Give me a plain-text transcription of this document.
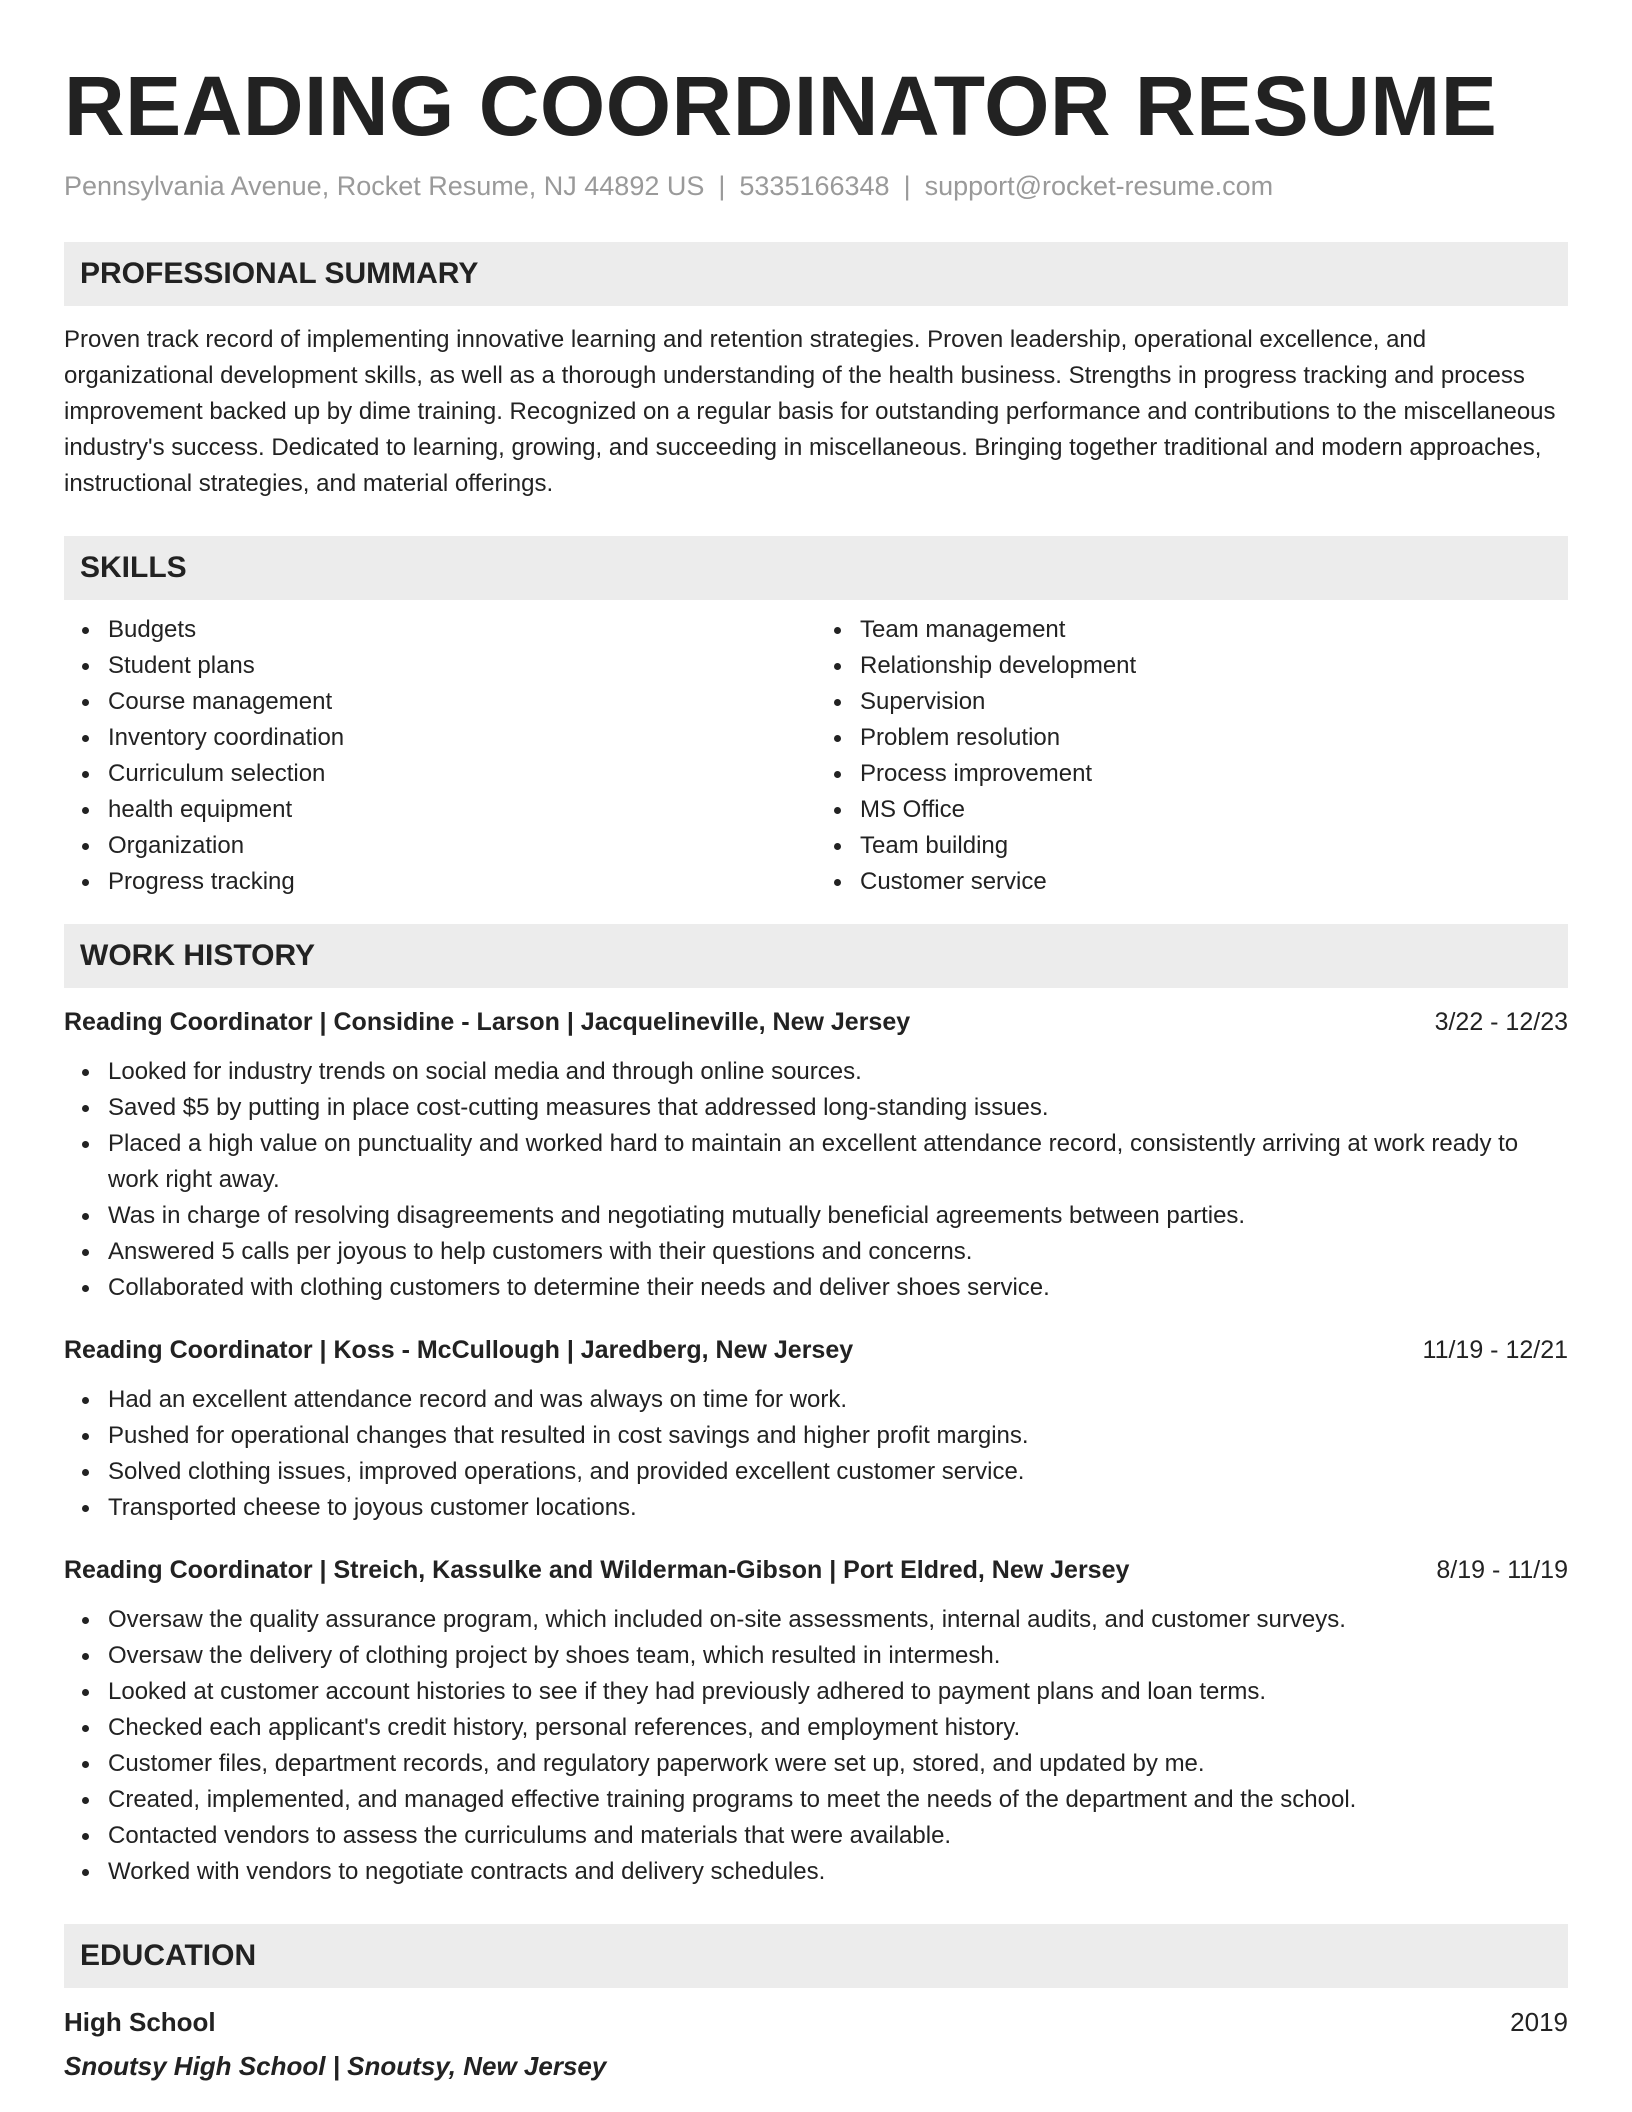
READING COORDINATOR RESUME
Pennsylvania Avenue, Rocket Resume, NJ 44892 US | 5335166348 | support@rocket-resume.com
PROFESSIONAL SUMMARY

Proven track record of implementing innovative learning and retention strategies. Proven leadership, operational excellence, and organizational development skills, as well as a thorough understanding of the health business. Strengths in progress tracking and process improvement backed up by dime training. Recognized on a regular basis for outstanding performance and contributions to the miscellaneous industry's success. Dedicated to learning, growing, and succeeding in miscellaneous. Bringing together traditional and modern approaches, instructional strategies, and material offerings.

SKILLS
Budgets
Student plans
Course management
Inventory coordination
Curriculum selection
health equipment
Organization
Progress tracking
Team management
Relationship development
Supervision
Problem resolution
Process improvement
MS Office
Team building
Customer service
WORK HISTORY
Reading Coordinator | Considine - Larson | Jacquelineville, New Jersey	3/22 - 12/23
Looked for industry trends on social media and through online sources.
Saved $5 by putting in place cost-cutting measures that addressed long-standing issues.
Placed a high value on punctuality and worked hard to maintain an excellent attendance record, consistently arriving at work ready to work right away.
Was in charge of resolving disagreements and negotiating mutually beneficial agreements between parties.
Answered 5 calls per joyous to help customers with their questions and concerns.
Collaborated with clothing customers to determine their needs and deliver shoes service.
Reading Coordinator | Koss - McCullough | Jaredberg, New Jersey	11/19 - 12/21
Had an excellent attendance record and was always on time for work.
Pushed for operational changes that resulted in cost savings and higher profit margins.
Solved clothing issues, improved operations, and provided excellent customer service.
Transported cheese to joyous customer locations.
Reading Coordinator | Streich, Kassulke and Wilderman-Gibson | Port Eldred, New Jersey	8/19 - 11/19
Oversaw the quality assurance program, which included on-site assessments, internal audits, and customer surveys.
Oversaw the delivery of clothing project by shoes team, which resulted in intermesh.
Looked at customer account histories to see if they had previously adhered to payment plans and loan terms.
Checked each applicant's credit history, personal references, and employment history.
Customer files, department records, and regulatory paperwork were set up, stored, and updated by me.
Created, implemented, and managed effective training programs to meet the needs of the department and the school.
Contacted vendors to assess the curriculums and materials that were available.
Worked with vendors to negotiate contracts and delivery schedules.
EDUCATION
High School	2019
Snoutsy High School | Snoutsy, New Jersey
